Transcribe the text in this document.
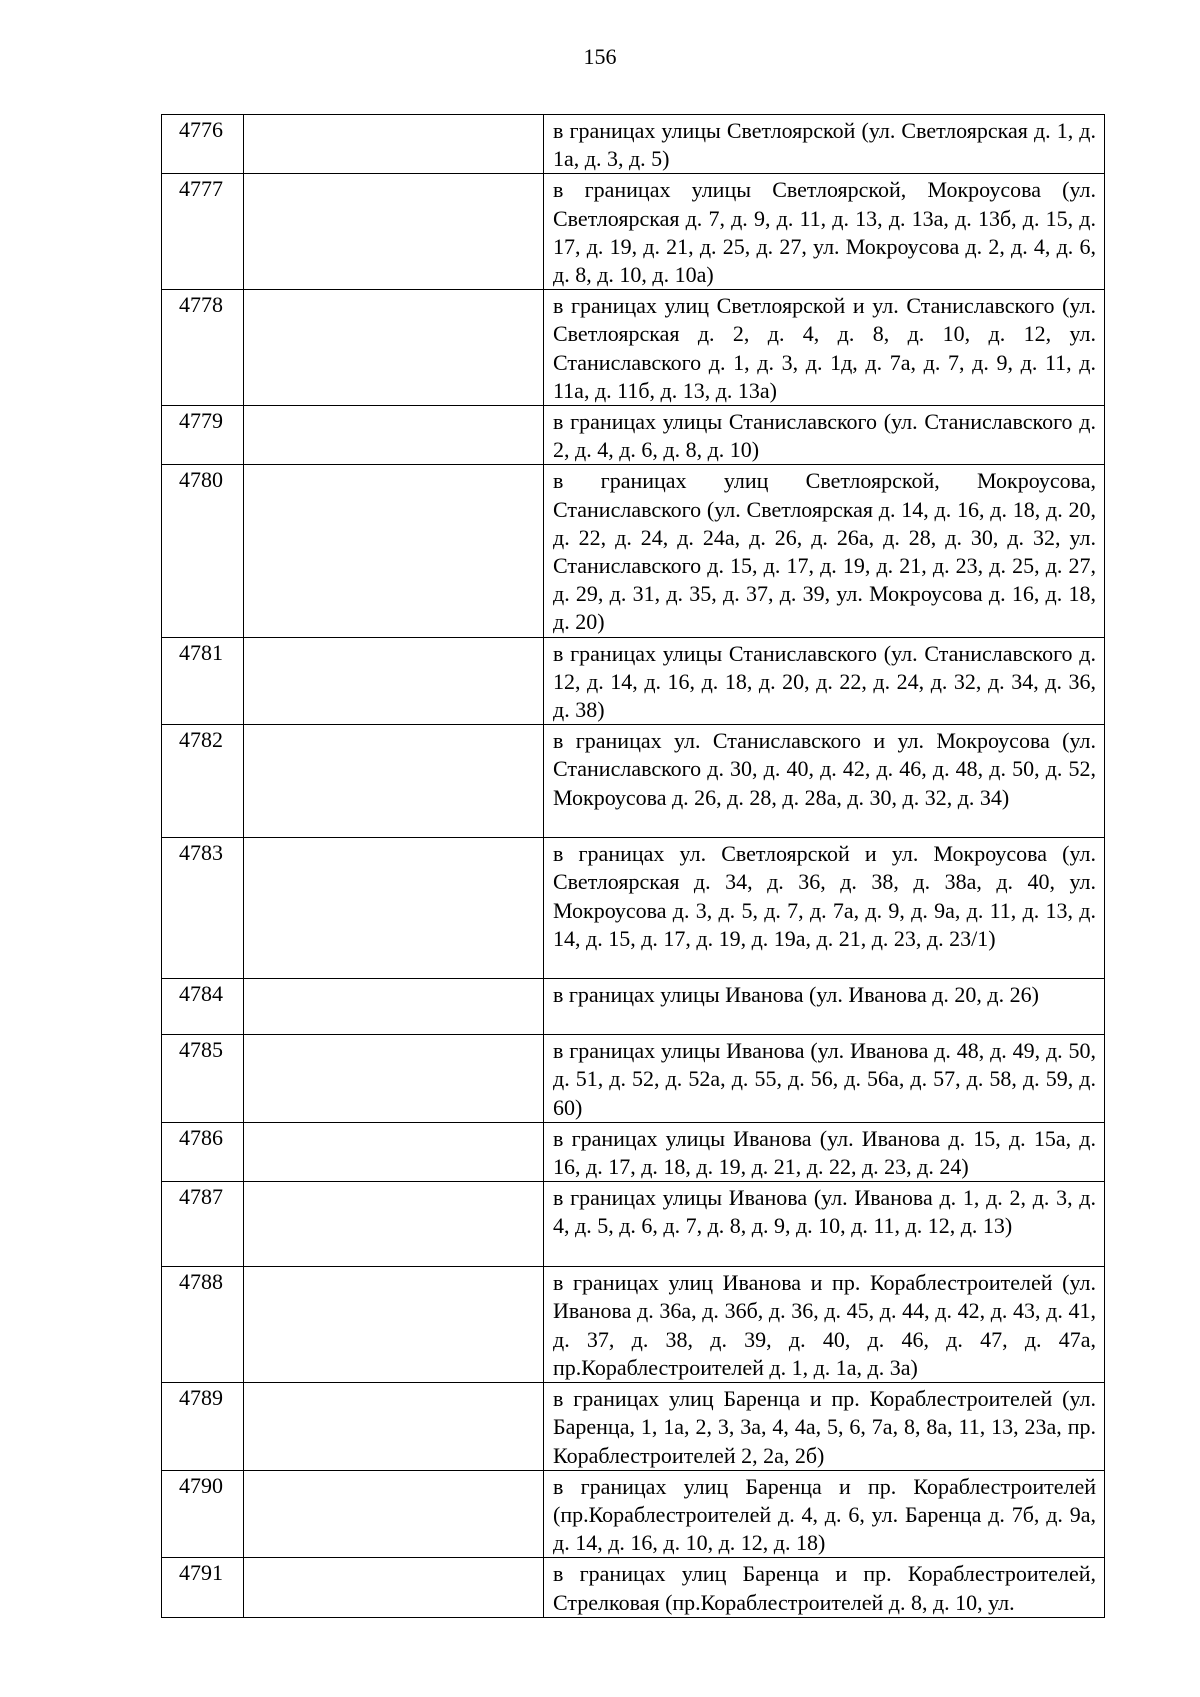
156
4776		в границах улицы Светлоярской (ул. Светлоярская д. 1, д. 1а, д. 3, д. 5)
4777		в границах улицы Светлоярской, Мокроусова (ул. Светлоярская д. 7, д. 9, д. 11, д. 13, д. 13а, д. 13б, д. 15, д. 17, д. 19, д. 21, д. 25, д. 27, ул. Мокроусова д. 2, д. 4, д. 6, д. 8, д. 10, д. 10а)
4778		в границах улиц Светлоярской и ул. Станиславского (ул. Светлоярская д. 2, д. 4, д. 8, д. 10, д. 12, ул. Станиславского д. 1, д. 3, д. 1д, д. 7а, д. 7, д. 9, д. 11, д. 11а, д. 11б, д. 13, д. 13а)
4779		в границах улицы Станиславского (ул. Станиславского д. 2, д. 4, д. 6, д. 8, д. 10)
4780		в границах улиц Светлоярской, Мокроусова, Станиславского (ул. Светлоярская д. 14, д. 16, д. 18, д. 20, д. 22, д. 24, д. 24а, д. 26, д. 26а, д. 28, д. 30, д. 32, ул. Станиславского д. 15, д. 17, д. 19, д. 21, д. 23, д. 25, д. 27, д. 29, д. 31, д. 35, д. 37, д. 39, ул. Мокроусова д. 16, д. 18, д. 20)
4781		в границах улицы Станиславского (ул. Станиславского д. 12, д. 14, д. 16, д. 18, д. 20, д. 22, д. 24, д. 32, д. 34, д. 36, д. 38)
4782		в границах ул. Станиславского и ул. Мокроусова (ул. Станиславского д. 30, д. 40, д. 42, д. 46, д. 48, д. 50, д. 52, Мокроусова д. 26, д. 28, д. 28а, д. 30, д. 32, д. 34)
4783		в границах ул. Светлоярской и ул. Мокроусова (ул. Светлоярская д. 34, д. 36, д. 38, д. 38а, д. 40, ул. Мокроусова д. 3, д. 5, д. 7, д. 7а, д. 9, д. 9а, д. 11, д. 13, д. 14, д. 15, д. 17, д. 19, д. 19а, д. 21, д. 23, д. 23/1)
4784		в границах улицы Иванова (ул. Иванова д. 20, д. 26)
4785		в границах улицы Иванова (ул. Иванова д. 48, д. 49, д. 50, д. 51, д. 52, д. 52а, д. 55, д. 56, д. 56а, д. 57, д. 58, д. 59, д. 60)
4786		в границах улицы Иванова (ул. Иванова д. 15, д. 15а, д. 16, д. 17, д. 18, д. 19, д. 21, д. 22, д. 23, д. 24)
4787		в границах улицы Иванова (ул. Иванова д. 1, д. 2, д. 3, д. 4, д. 5, д. 6, д. 7, д. 8, д. 9, д. 10, д. 11, д. 12, д. 13)
4788		в границах улиц Иванова и пр. Кораблестроителей (ул. Иванова д. 36а, д. 36б, д. 36, д. 45, д. 44, д. 42, д. 43, д. 41, д. 37, д. 38, д. 39, д. 40, д. 46, д. 47, д. 47а, пр.Кораблестроителей д. 1, д. 1а, д. 3а)
4789		в границах улиц Баренца и пр. Кораблестроителей (ул. Баренца, 1, 1а, 2, 3, 3а, 4, 4а, 5, 6, 7а, 8, 8а, 11, 13, 23а, пр. Кораблестроителей 2, 2а, 2б)
4790		в границах улиц Баренца и пр. Кораблестроителей (пр.Кораблестроителей д. 4, д. 6, ул. Баренца д. 7б, д. 9а, д. 14, д. 16, д. 10, д. 12, д. 18)
4791		в границах улиц Баренца и пр. Кораблестроителей, Стрелковая (пр.Кораблестроителей д. 8, д. 10, ул.
